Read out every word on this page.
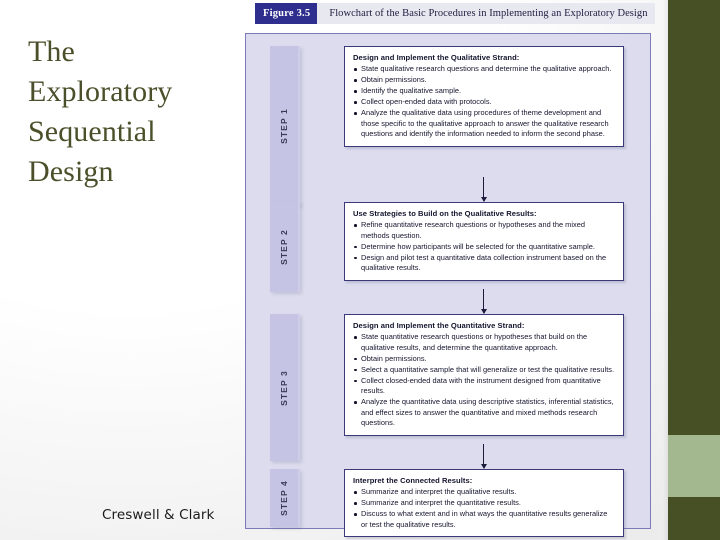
The
Exploratory
Sequential
Design
Creswell & Clark
Figure 3.5	Flowchart of the Basic Procedures in Implementing an Exploratory Design
STEP 1
Design and Implement the Qualitative Strand:
State qualitative research questions and determine the qualitative approach.
Obtain permissions.
Identify the qualitative sample.
Collect open-ended data with protocols.
Analyze the qualitative data using procedures of theme development and those specific to the qualitative approach to answer the qualitative research questions and identify the information needed to inform the second phase.
STEP 2
Use Strategies to Build on the Qualitative Results:
Refine quantitative research questions or hypotheses and the mixed methods question.
Determine how participants will be selected for the quantitative sample.
Design and pilot test a quantitative data collection instrument based on the qualitative results.
STEP 3
Design and Implement the Quantitative Strand:
State quantitative research questions or hypotheses that build on the qualitative results, and determine the quantitative approach.
Obtain permissions.
Select a quantitative sample that will generalize or test the qualitative results.
Collect closed-ended data with the instrument designed from quantitative results.
Analyze the quantitative data using descriptive statistics, inferential statistics, and effect sizes to answer the quantitative and mixed methods research questions.
STEP 4	Interpret the Connected Results:
Summarize and interpret the qualitative results.
Summarize and interpret the quantitative results.
Discuss to what extent and in what ways the quantitative results generalize or test the qualitative results.
